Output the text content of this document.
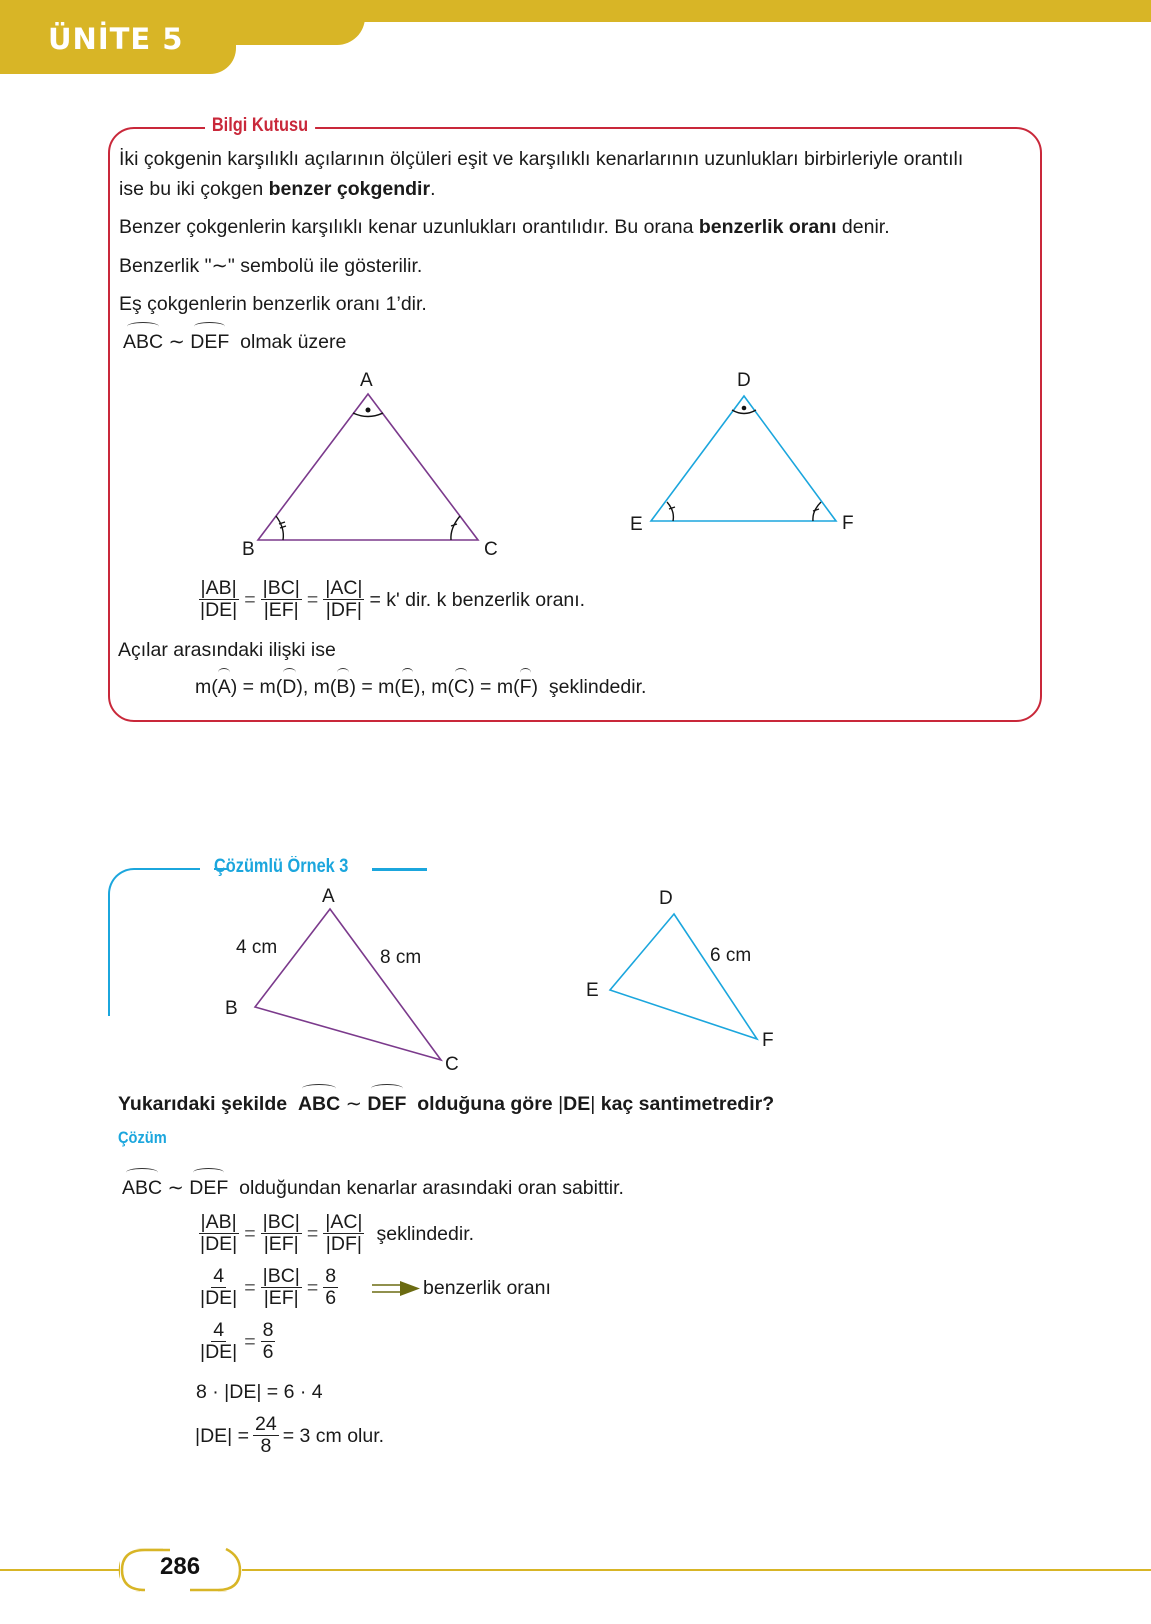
ÜNİTE 5
Bilgi Kutusu
İki çokgenin karşılıklı açılarının ölçüleri eşit ve karşılıklı kenarlarının uzunlukları birbirleriyle orantılı
ise bu iki çokgen benzer çokgendir.
Benzer çokgenlerin karşılıklı kenar uzunlukları orantılıdır. Bu orana benzerlik oranı denir.
Benzerlik "∼" sembolü ile gösterilir.
Eş çokgenlerin benzerlik oranı 1’dir.
ABC ∼ DEF olmak üzere
A
B	C
D
E	F
$\frac{|AB|}{|DE|} = \frac{|BC|}{|EF|} = \frac{|AC|}{|DF|} = k'$ dir. k benzerlik oranı.
Açılar arasındaki ilişki ise
m(A) = m(D), m(B) = m(E), m(C) = m(F)  şeklindedir.
Çözümlü Örnek 3
A
B
C
4 cm	8 cm
D
E
F
6 cm
Yukarıdaki şekilde ABC ∼ DEF olduğuna göre |DE| kaç santimetredir?
Çözüm
ABC ∼ DEF olduğundan kenarlar arasındaki oran sabittir.
$\frac{|AB|}{|DE|} = \frac{|BC|}{|EF|} = \frac{|AC|}{|DF|}$ şeklindedir.
$\frac{4}{|DE|} = \frac{|BC|}{|EF|} = \frac{8}{6}$	benzerlik oranı
$\frac{4}{|DE|} = \frac{8}{6}$
8 · |DE| = 6 · 4
$|DE| = \frac{24}{8} = 3$ cm olur.
286
